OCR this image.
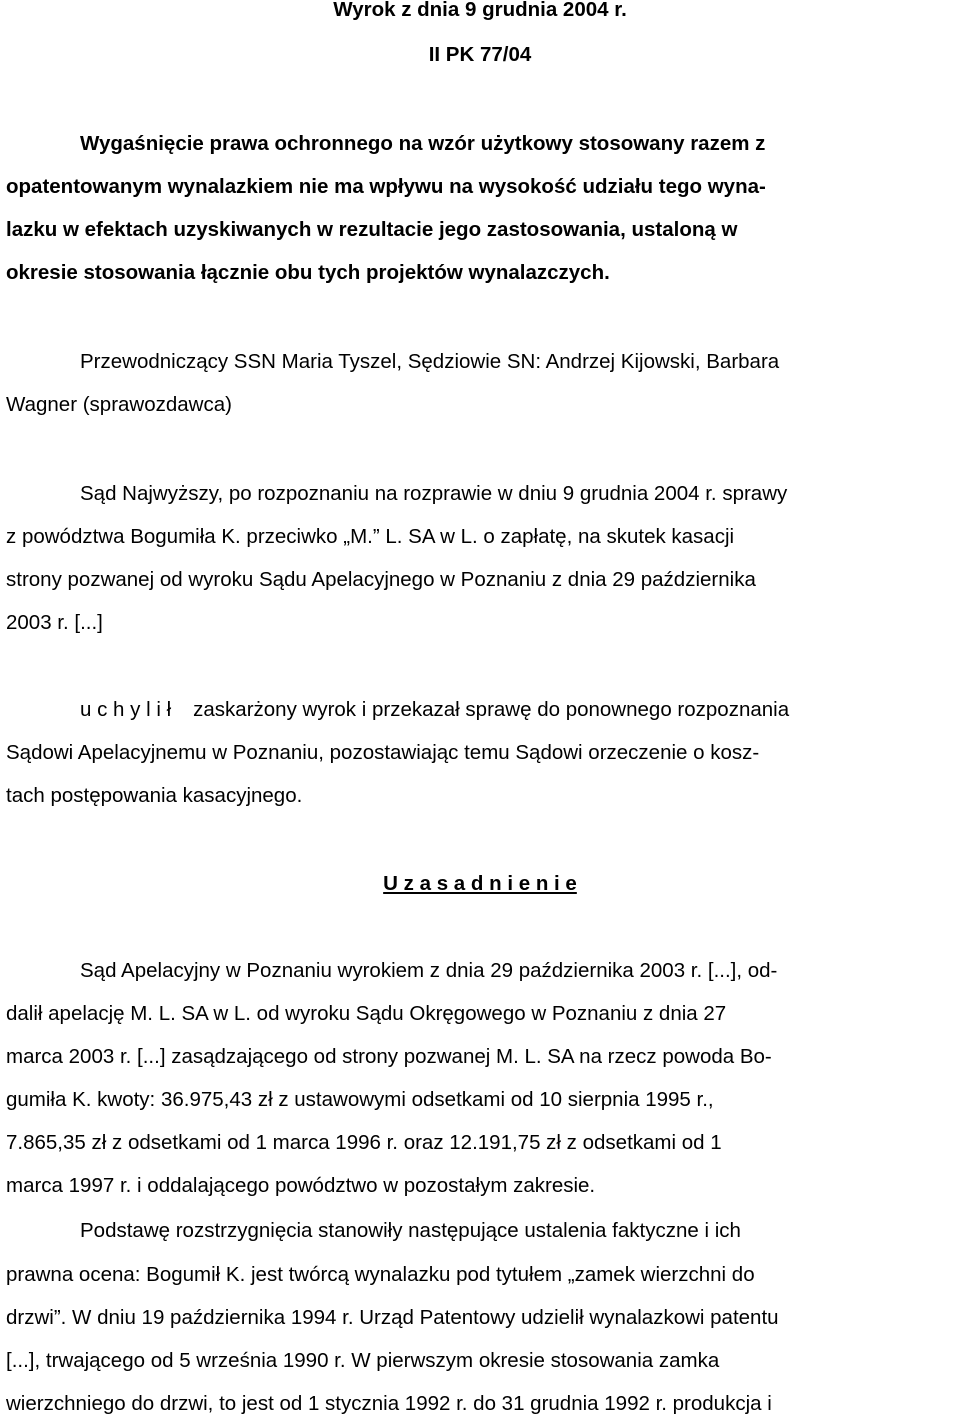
Wyrok z dnia 9 grudnia 2004 r.
II PK 77/04
Wygaśnięcie prawa ochronnego na wzór użytkowy stosowany razem z
opatentowanym wynalazkiem nie ma wpływu na wysokość udziału tego wyna-
lazku w efektach uzyskiwanych w rezultacie jego zastosowania, ustaloną w
okresie stosowania łącznie obu tych projektów wynalazczych.
Przewodniczący SSN Maria Tyszel, Sędziowie SN: Andrzej Kijowski, Barbara
Wagner (sprawozdawca)
Sąd Najwyższy, po rozpoznaniu na rozprawie w dniu 9 grudnia 2004 r. sprawy
z powództwa Bogumiła K. przeciwko „M.” L. SA w L. o zapłatę, na skutek kasacji
strony pozwanej od wyroku Sądu Apelacyjnego w Poznaniu z dnia 29 października
2003 r. [...]
u c h y l i ł zaskarżony wyrok i przekazał sprawę do ponownego rozpoznania
Sądowi Apelacyjnemu w Poznaniu, pozostawiając temu Sądowi orzeczenie o kosz-
tach postępowania kasacyjnego.
U z a s a d n i e n i e
Sąd Apelacyjny w Poznaniu wyrokiem z dnia 29 października 2003 r. [...], od-
dalił apelację M. L. SA w L. od wyroku Sądu Okręgowego w Poznaniu z dnia 27
marca 2003 r. [...] zasądzającego od strony pozwanej M. L. SA na rzecz powoda Bo-
gumiła K. kwoty: 36.975,43 zł z ustawowymi odsetkami od 10 sierpnia 1995 r.,
7.865,35 zł z odsetkami od 1 marca 1996 r. oraz 12.191,75 zł z odsetkami od 1
marca 1997 r. i oddalającego powództwo w pozostałym zakresie.
Podstawę rozstrzygnięcia stanowiły następujące ustalenia faktyczne i ich
prawna ocena: Bogumił K. jest twórcą wynalazku pod tytułem „zamek wierzchni do
drzwi”. W dniu 19 października 1994 r. Urząd Patentowy udzielił wynalazkowi patentu
[...], trwającego od 5 września 1990 r. W pierwszym okresie stosowania zamka
wierzchniego do drzwi, to jest od 1 stycznia 1992 r. do 31 grudnia 1992 r. produkcja i
